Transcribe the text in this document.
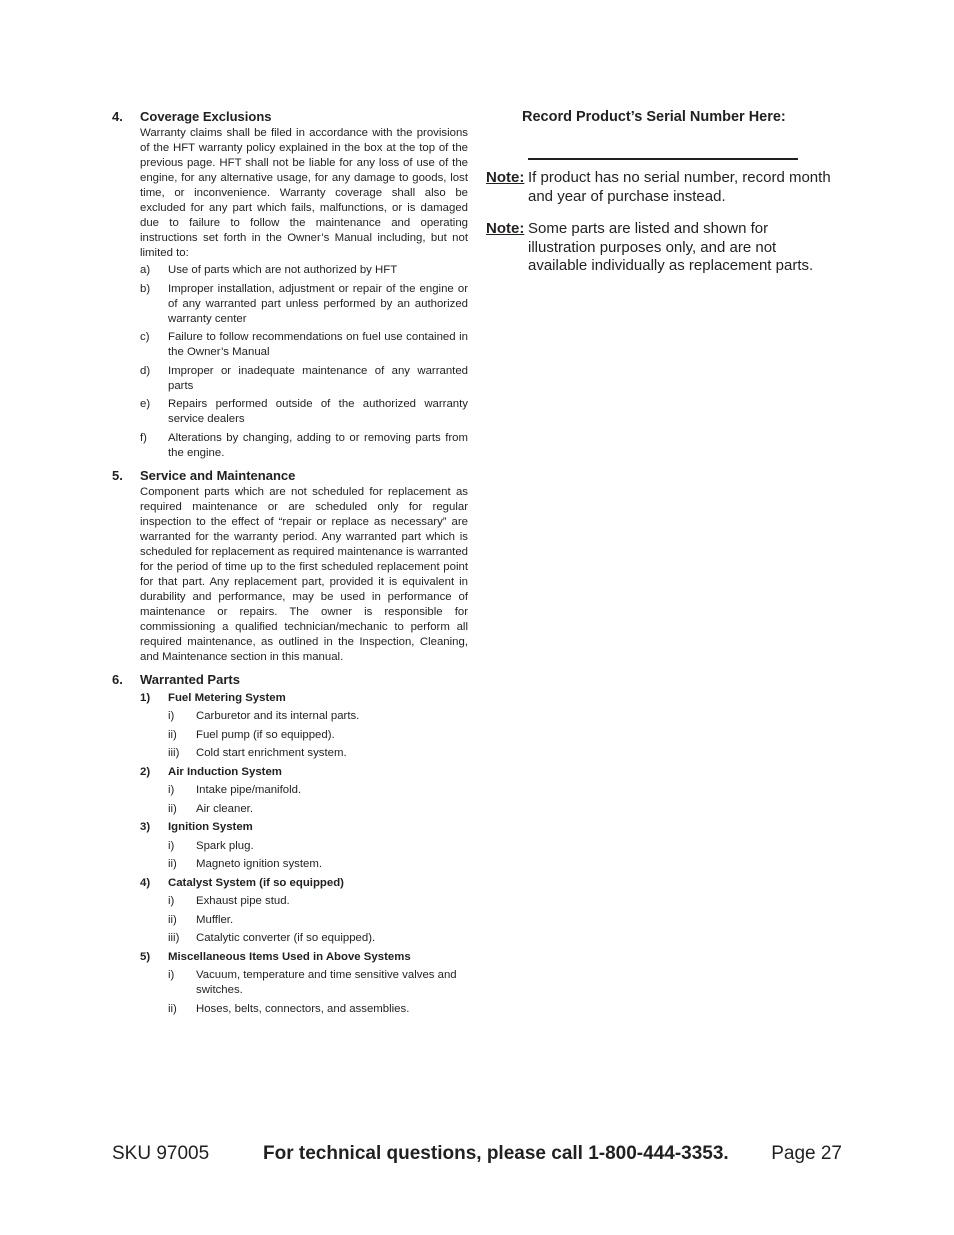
4.	Coverage Exclusions
Warranty claims shall be filed in accordance with the provisions of the HFT warranty policy explained in the box at the top of the previous page. HFT shall not be liable for any loss of use of the engine, for any alternative usage, for any damage to goods, lost time, or inconvenience. Warranty coverage shall also be excluded for any part which fails, malfunctions, or is damaged due to failure to follow the maintenance and operating instructions set forth in the Owner’s Manual including, but not limited to:
a)	Use of parts which are not authorized by HFT
b)	Improper installation, adjustment or repair of the engine or of any warranted part unless performed by an authorized warranty center
c)	Failure to follow recommendations on fuel use contained in the Owner’s Manual
d)	Improper or inadequate maintenance of any warranted parts
e)	Repairs performed outside of the authorized warranty service dealers
f)	Alterations by changing, adding to or removing parts from the engine.
5.	Service and Maintenance
Component parts which are not scheduled for replacement as required maintenance or are scheduled only for regular inspection to the effect of “repair or replace as necessary” are warranted for the warranty period. Any warranted part which is scheduled for replacement as required maintenance is warranted for the period of time up to the first scheduled replacement point for that part. Any replacement part, provided it is equivalent in durability and performance, may be used in performance of maintenance or repairs. The owner is responsible for commissioning a qualified technician/mechanic to perform all required maintenance, as outlined in the Inspection, Cleaning, and Maintenance section in this manual.
6.	Warranted Parts
1)	Fuel Metering System
i)	Carburetor and its internal parts.
ii)	Fuel pump (if so equipped).
iii)	Cold start enrichment system.
2)	Air Induction System
i)	Intake pipe/manifold.
ii)	Air cleaner.
3)	Ignition System
i)	Spark plug.
ii)	Magneto ignition system.
4)	Catalyst System (if so equipped)
i)	Exhaust pipe stud.
ii)	Muffler.
iii)	Catalytic converter (if so equipped).
5)	Miscellaneous Items Used in Above Systems
i)	Vacuum, temperature and time sensitive valves and switches.
ii)	Hoses, belts, connectors, and assemblies.
Record Product’s Serial Number Here:
Note: If product has no serial number, record month and year of purchase instead.
Note: Some parts are listed and shown for illustration purposes only, and are not available individually as replacement parts.
SKU 97005	For technical questions, please call 1-800-444-3353. Page 27
